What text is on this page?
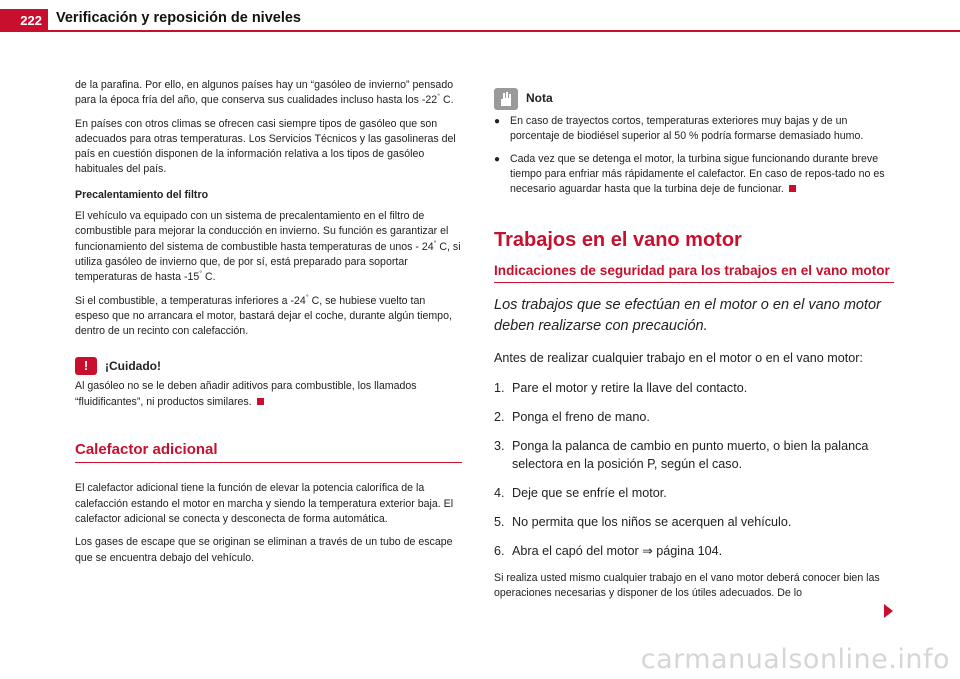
222 Verificación y reposición de niveles

de la parafina. Por ello, en algunos países hay un “gasóleo de invierno” pensado para la época fría del año, que conserva sus cualidades incluso hasta los -22° C.

En países con otros climas se ofrecen casi siempre tipos de gasóleo que son adecuados para otras temperaturas. Los Servicios Técnicos y las gasolineras del país en cuestión disponen de la información relativa a los tipos de gasóleo habituales del país.

Precalentamiento del filtro

El vehículo va equipado con un sistema de precalentamiento en el filtro de combustible para mejorar la conducción en invierno. Su función es garantizar el funcionamiento del sistema de combustible hasta temperaturas de unos - 24° C, si utiliza gasóleo de invierno que, de por sí, está preparado para soportar temperaturas de hasta -15° C.

Si el combustible, a temperaturas inferiores a -24° C, se hubiese vuelto tan espeso que no arrancara el motor, bastará dejar el coche, durante algún tiempo, dentro de un recinto con calefacción.

!	¡Cuidado!

Al gasóleo no se le deben añadir aditivos para combustible, los llamados “fluidificantes”, ni productos similares.

Calefactor adicional

El calefactor adicional tiene la función de elevar la potencia calorífica de la calefacción estando el motor en marcha y siendo la temperatura exterior baja. El calefactor adicional se conecta y desconecta de forma automática.

Los gases de escape que se originan se eliminan a través de un tubo de escape que se encuentra debajo del vehículo.

Nota
● En caso de trayectos cortos, temperaturas exteriores muy bajas y de un porcentaje de biodiésel superior al 50 % podría formarse demasiado humo.
● Cada vez que se detenga el motor, la turbina sigue funcionando durante breve tiempo para enfriar más rápidamente el calefactor. En caso de repos-tado no es necesario aguardar hasta que la turbina deje de funcionar.
Trabajos en el vano motor
Indicaciones de seguridad para los trabajos en el vano motor
Los trabajos que se efectúan en el motor o en el vano motor deben realizarse con precaución.
Antes de realizar cualquier trabajo en el motor o en el vano motor:
1. Pare el motor y retire la llave del contacto.
2. Ponga el freno de mano.
3. Ponga la palanca de cambio en punto muerto, o bien la palanca selectora en la posición P, según el caso.
4. Deje que se enfríe el motor.
5. No permita que los niños se acerquen al vehículo.
6. Abra el capó del motor ⇒ página 104.
Si realiza usted mismo cualquier trabajo en el vano motor deberá conocer bien las operaciones necesarias y disponer de los útiles adecuados. De lo
carmanualsonline.info
